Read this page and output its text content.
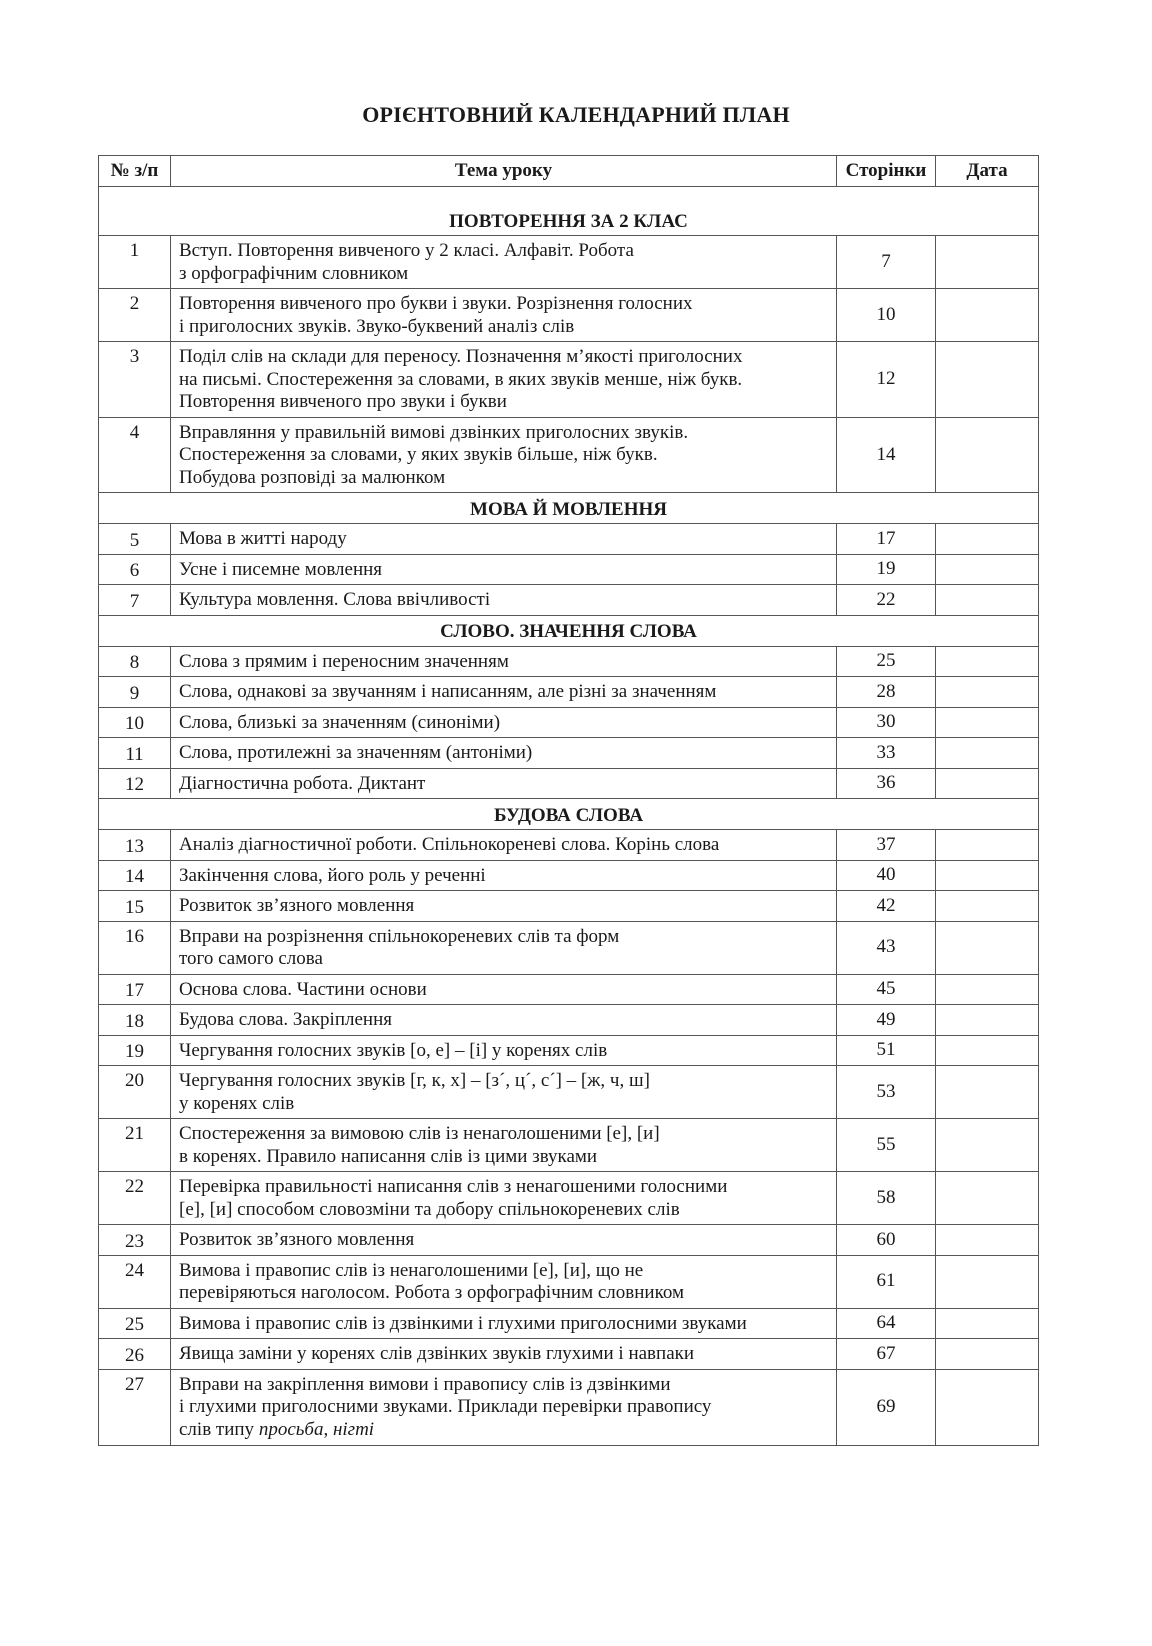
ОРІЄНТОВНИЙ КАЛЕНДАРНИЙ ПЛАН
№ з/п	Тема уроку	Сторінки	Дата
ПОВТОРЕННЯ ЗА 2 КЛАС			
1	Вступ. Повторення вивченого у 2 класі. Алфавіт. Робота
з орфографічним словником	7	
2	Повторення вивченого про букви і звуки. Розрізнення голосних
і приголосних звуків. Звуко-буквений аналіз слів	10	
3	Поділ слів на склади для переносу. Позначення м’якості приголосних
на письмі. Спостереження за словами, в яких звуків менше, ніж букв.
Повторення вивченого про звуки і букви	12	
4	Вправляння у правильній вимові дзвінких приголосних звуків.
Спостереження за словами, у яких звуків більше, ніж букв.
Побудова розповіді за малюнком	14	
МОВА Й МОВЛЕННЯ			
5	Мова в житті народу	17	
6	Усне і писемне мовлення	19	
7	Культура мовлення. Слова ввічливості	22	
СЛОВО. ЗНАЧЕННЯ СЛОВА			
8	Слова з прямим і переносним значенням	25	
9	Слова, однакові за звучанням і написанням, але різні за значенням	28	
10	Слова, близькі за значенням (синоніми)	30	
11	Слова, протилежні за значенням (антоніми)	33	
12	Діагностична робота. Диктант	36	
БУДОВА СЛОВА			
13	Аналіз діагностичної роботи. Спільнокореневі слова. Корінь слова	37	
14	Закінчення слова, його роль у реченні	40	
15	Розвиток зв’язного мовлення	42	
16	Вправи на розрізнення спільнокореневих слів та форм
того самого слова	43	
17	Основа слова. Частини основи	45	
18	Будова слова. Закріплення	49	
19	Чергування голосних звуків [о, е] – [і] у коренях слів	51	
20	Чергування голосних звуків [г, к, х] – [з´, ц´, с´] – [ж, ч, ш]
у коренях слів	53	
21	Спостереження за вимовою слів із ненаголошеними [е], [и]
в коренях. Правило написання слів із цими звуками	55	
22	Перевірка правильності написання слів з ненагошеними голосними
[е], [и] способом словозміни та добору спільнокореневих слів	58	
23	Розвиток зв’язного мовлення	60	
24	Вимова і правопис слів із ненаголошеними [е], [и], що не
перевіряються наголосом. Робота з орфографічним словником	61	
25	Вимова і правопис слів із дзвінкими і глухими приголосними звуками	64	
26	Явища заміни у коренях слів дзвінких звуків глухими і навпаки	67	
27	Вправи на закріплення вимови і правопису слів із дзвінкими
і глухими приголосними звуками. Приклади перевірки правопису
слів типу просьба, нігті	69	
